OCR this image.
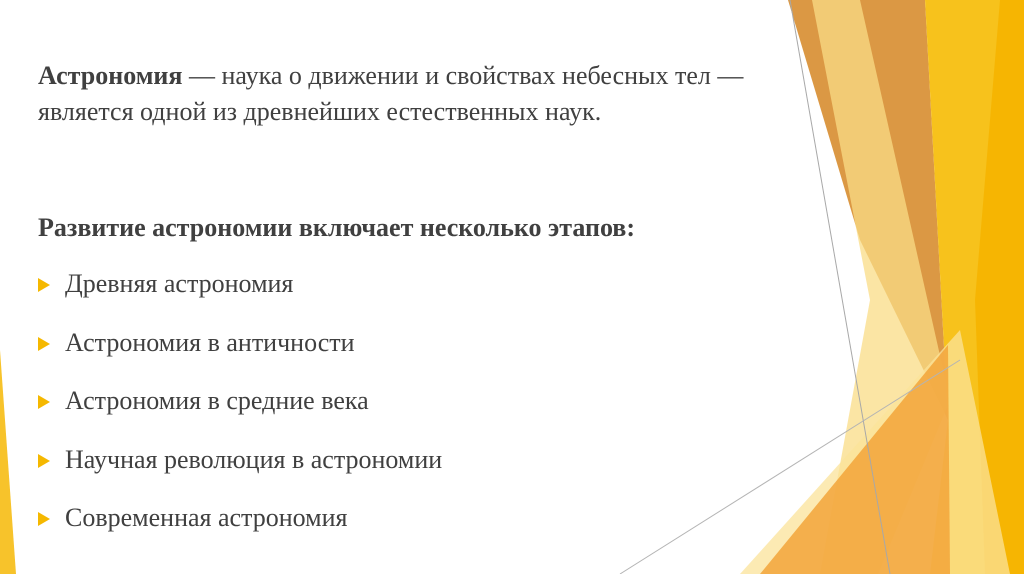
Астрономия — наука о движении и свойствах небесных тел — является одной из древнейших естественных наук.

Развитие астрономии включает несколько этапов:

Древняя астрономия
Астрономия в античности
Астрономия в средние века
Научная революция в астрономии
Современная астрономия
